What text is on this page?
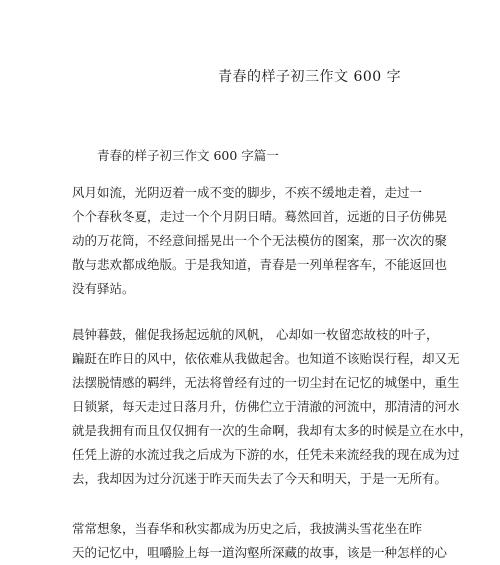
青春的样子初三作文 600 字
青春的样子初三作文 600 字篇一
风月如流，光阴迈着一成不变的脚步，不疾不缓地走着，走过一
个个春秋冬夏，走过一个个月阴日晴。蓦然回首，远逝的日子仿佛晃
动的万花筒，不经意间摇晃出一个个无法模仿的图案，那一次次的聚
散与悲欢都成绝版。于是我知道，青春是一列单程客车，不能返回也
没有驿站。
晨钟暮鼓，催促我扬起远航的风帆， 心却如一枚留恋故枝的叶子，
蹁跹在昨日的风中，依依难从我做起舍。也知道不该贻误行程，却又无
法摆脱情感的羁绊，无法将曾经有过的一切尘封在记忆的城堡中，重生
日锁紧，每天走过日落月升，仿佛伫立于清澈的河流中，那清清的河水
就是我拥有而且仅仅拥有一次的生命啊，我却有太多的时候是立在水中，
任凭上游的水流过我之后成为下游的水，任凭未来流经我的现在成为过
去，我却因为过分沉迷于昨天而失去了今天和明天，于是一无所有。
常常想象，当春华和秋实都成为历史之后，我披满头雪花坐在昨
天的记忆中，咀嚼脸上每一道沟壑所深藏的故事，该是一种怎样的心
